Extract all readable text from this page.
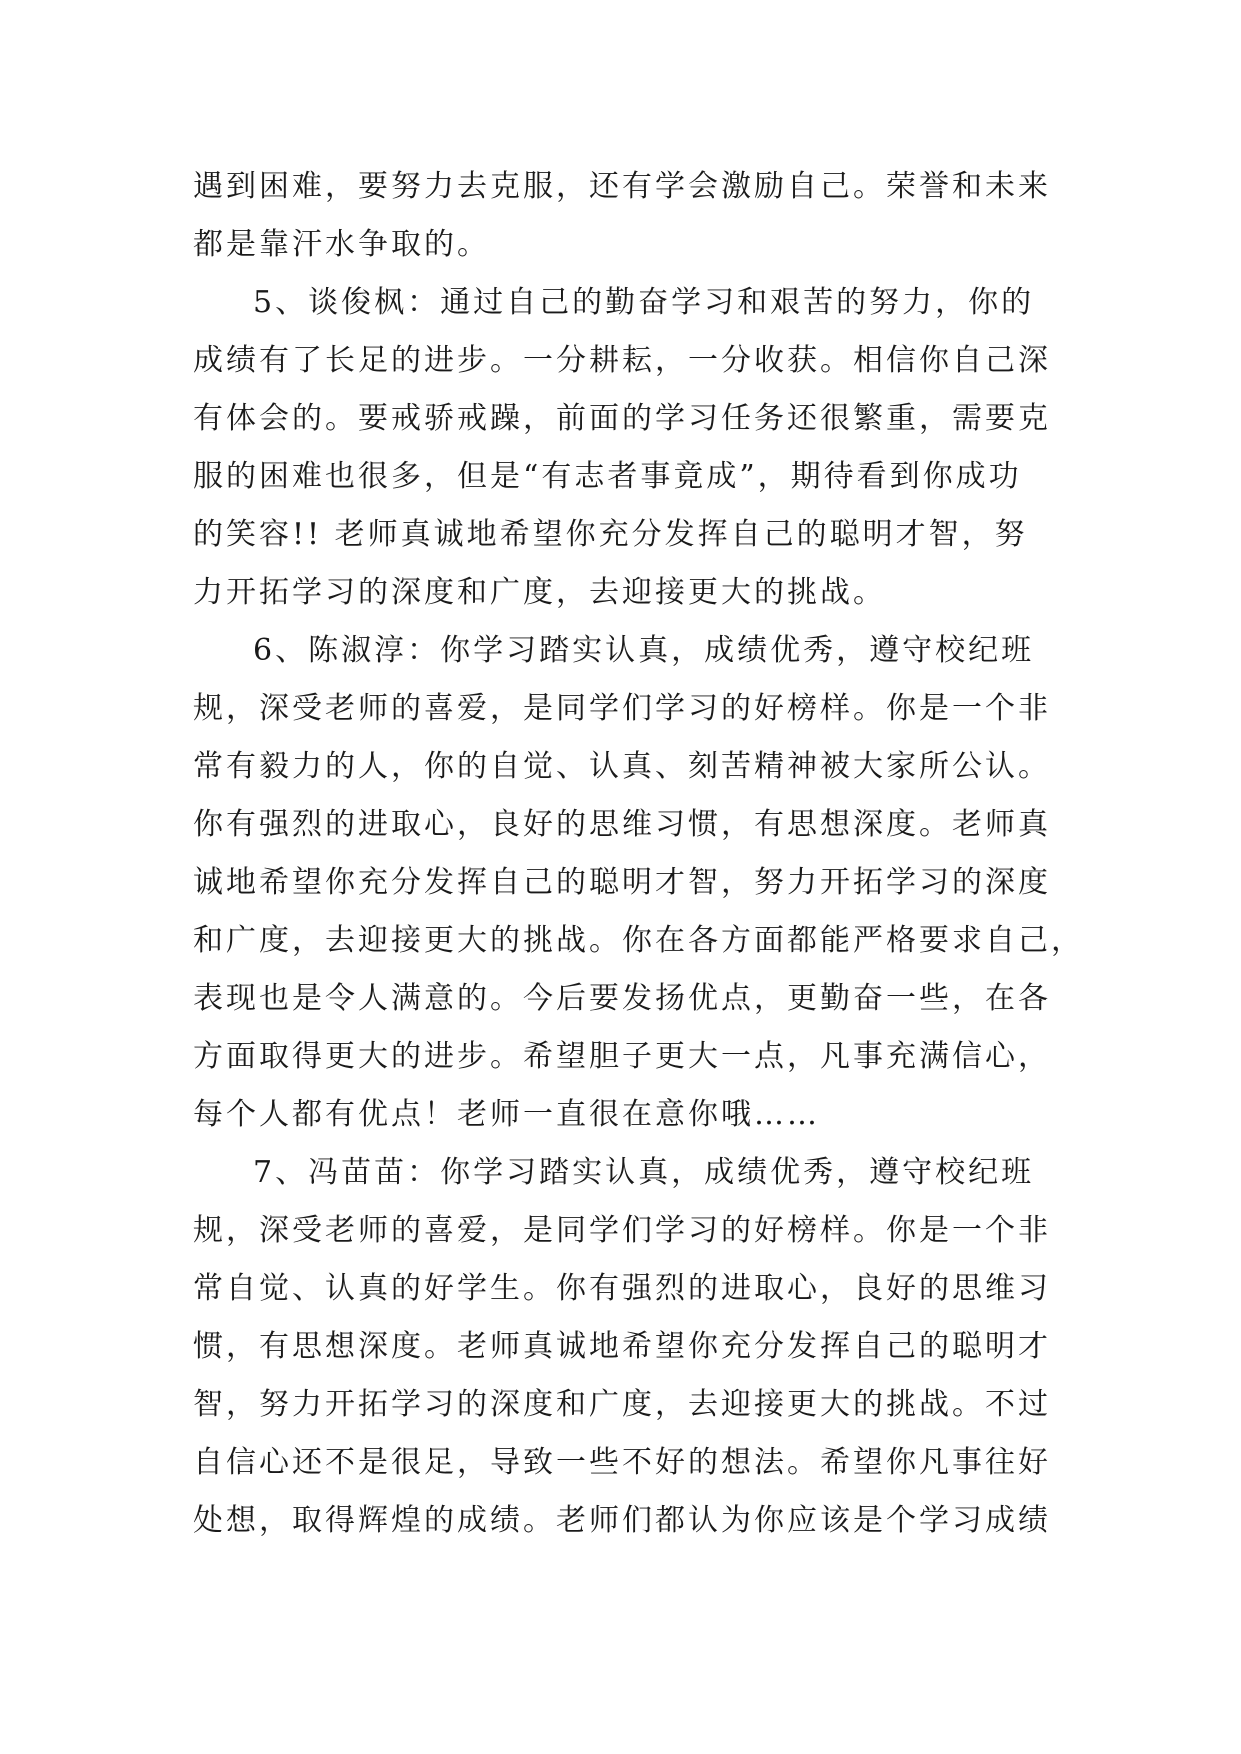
遇到困难，要努力去克服，还有学会激励自己。荣誉和未来
都是靠汗水争取的。
5、谈俊枫：通过自己的勤奋学习和艰苦的努力，你的
成绩有了长足的进步。一分耕耘，一分收获。相信你自己深
有体会的。要戒骄戒躁，前面的学习任务还很繁重，需要克
服的困难也很多，但是“有志者事竟成”，期待看到你成功
的笑容!! 老师真诚地希望你充分发挥自己的聪明才智，努
力开拓学习的深度和广度，去迎接更大的挑战。
6、陈淑淳：你学习踏实认真，成绩优秀，遵守校纪班
规，深受老师的喜爱，是同学们学习的好榜样。你是一个非
常有毅力的人，你的自觉、认真、刻苦精神被大家所公认。
你有强烈的进取心，良好的思维习惯，有思想深度。老师真
诚地希望你充分发挥自己的聪明才智，努力开拓学习的深度
和广度，去迎接更大的挑战。你在各方面都能严格要求自己，
表现也是令人满意的。今后要发扬优点，更勤奋一些，在各
方面取得更大的进步。希望胆子更大一点，凡事充满信心，
每个人都有优点！老师一直很在意你哦……
7、冯苗苗：你学习踏实认真，成绩优秀，遵守校纪班
规，深受老师的喜爱，是同学们学习的好榜样。你是一个非
常自觉、认真的好学生。你有强烈的进取心，良好的思维习
惯，有思想深度。老师真诚地希望你充分发挥自己的聪明才
智，努力开拓学习的深度和广度，去迎接更大的挑战。不过
自信心还不是很足，导致一些不好的想法。希望你凡事往好
处想，取得辉煌的成绩。老师们都认为你应该是个学习成绩
